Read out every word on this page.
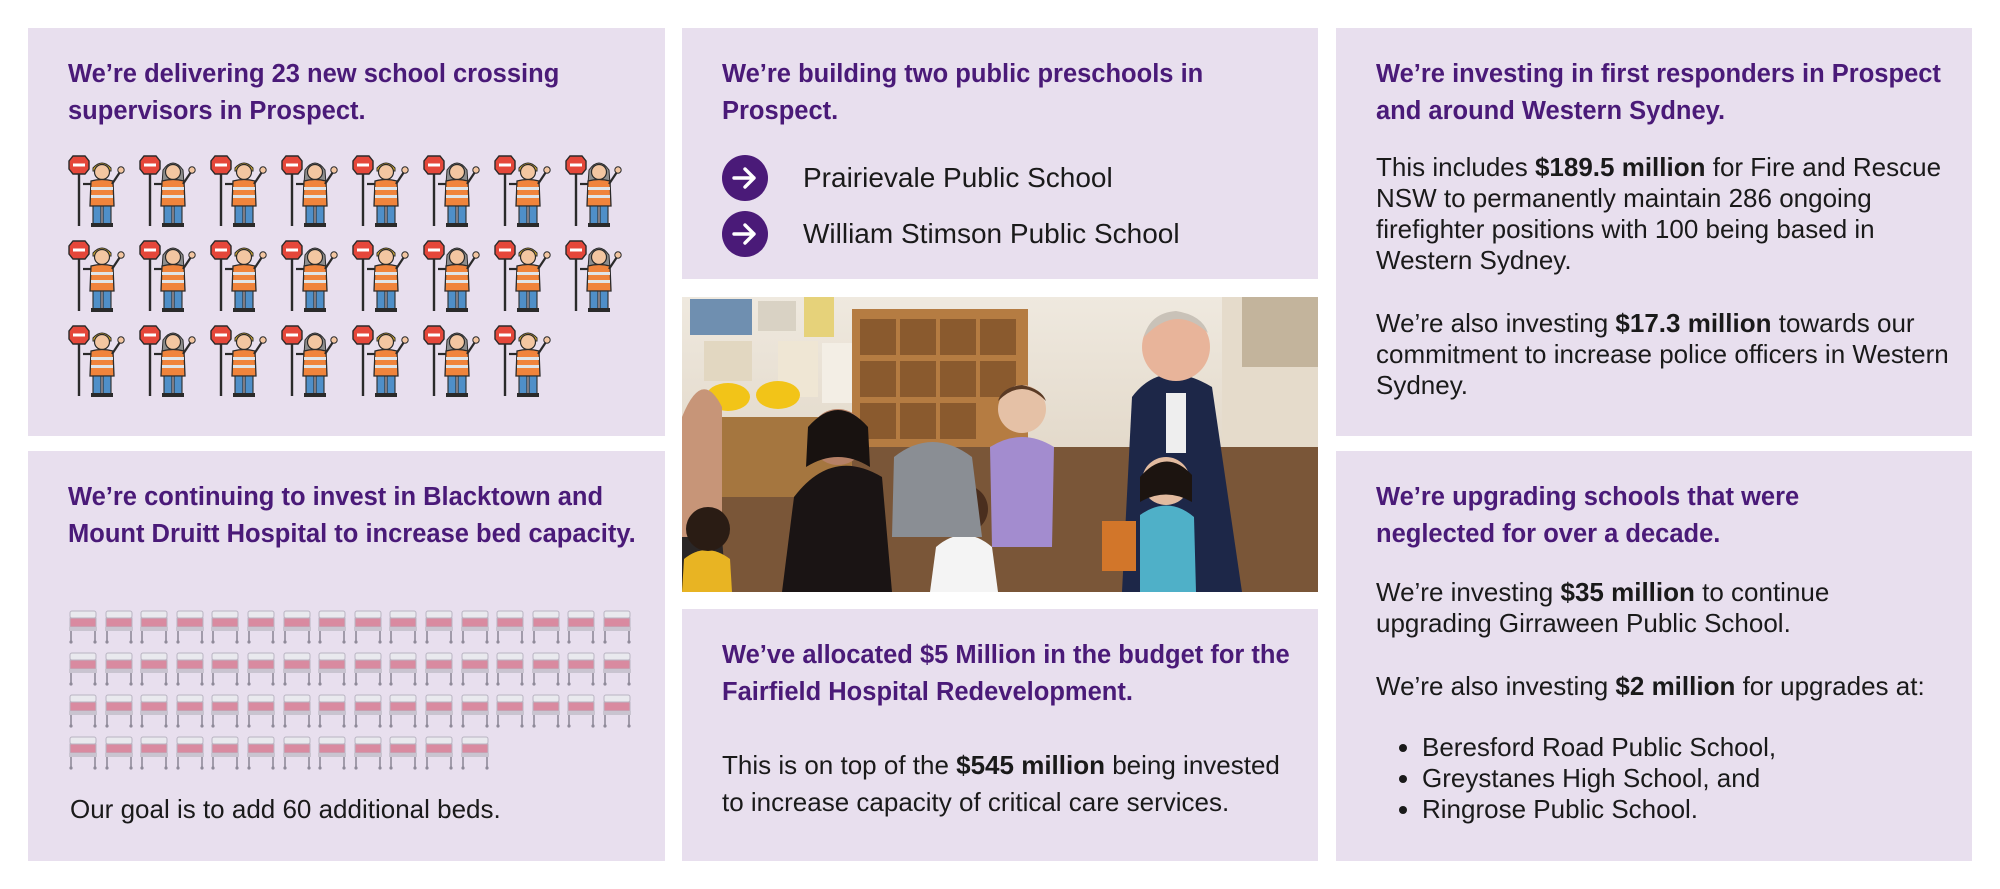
We’re delivering 23 new school crossing supervisors in Prospect.
We’re building two public preschools in Prospect.
Prairievale Public School
William Stimson Public School
We’re investing in first responders in Prospect and around Western Sydney.

This includes $189.5 million for Fire and Rescue NSW to permanently maintain 286 ongoing firefighter positions with 100 being based in Western Sydney.

We’re also investing $17.3 million towards our commitment to increase police officers in Western Sydney.

We’re continuing to invest in Blacktown and Mount Druitt Hospital to increase bed capacity.

Our goal is to add 60 additional beds.

We’ve allocated $5 Million in the budget for the Fairfield Hospital Redevelopment.

This is on top of the $545 million being invested to increase capacity of critical care services.

We’re upgrading schools that were neglected for over a decade.

We’re investing $35 million to continue upgrading Girraween Public School.

We’re also investing $2 million for upgrades at:

• Beresford Road Public School,
• Greystanes High School, and
• Ringrose Public School.
